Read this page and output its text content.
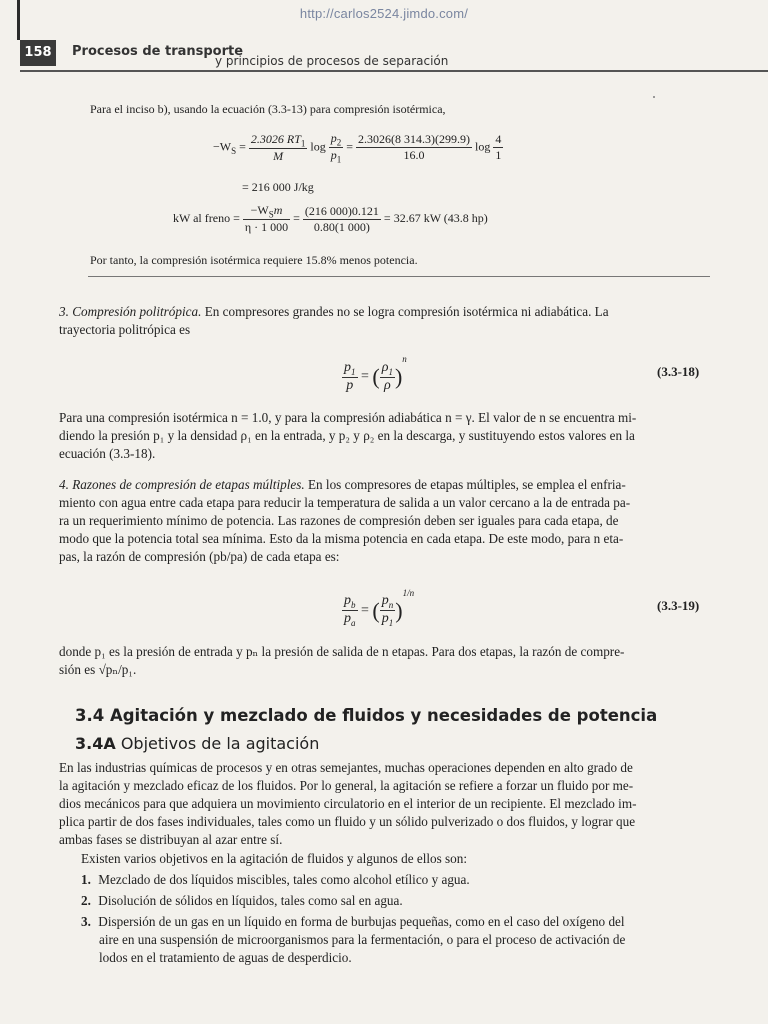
http://carlos2524.jimdo.com/
158	Procesos de transporte
y principios de procesos de separación
Para el inciso b), usando la ecuación (3.3-13) para compresión isotérmica,
$-W_S = \frac{2.3026 RT_1}{M}$ $\log \frac{p_2}{p_1} = \frac{2.3026(8 314.3)(299.9)}{16.0}$ $\log \frac{4}{1}$
= 216 000 J/kg
kW al freno = $\frac{-W_Sm}{\eta \cdot 1 000} = \frac{(216 000)0.121}{0.80(1 000)} = 32.67$ kW (43.8 hp)
Por tanto, la compresión isotérmica requiere 15.8% menos potencia.
3. Compresión politrópica. En compresores grandes no se logra compresión isotérmica ni adiabática. La
trayectoria politrópica es
$\frac{p_1}{p}$ = ( $\frac{\rho_1}{\rho} )^n$
(3.3-18)
Para una compresión isotérmica n = 1.0, y para la compresión adiabática n = γ. El valor de n se encuentra mi-
diendo la presión p₁ y la densidad ρ₁ en la entrada, y p₂ y ρ₂ en la descarga, y sustituyendo estos valores en la
ecuación (3.3-18).
4. Razones de compresión de etapas múltiples. En los compresores de etapas múltiples, se emplea el enfria-
miento con agua entre cada etapa para reducir la temperatura de salida a un valor cercano a la de entrada pa-
ra un requerimiento mínimo de potencia. Las razones de compresión deben ser iguales para cada etapa, de
modo que la potencia total sea mínima. Esto da la misma potencia en cada etapa. De este modo, para n eta-
pas, la razón de compresión (pb/pa) de cada etapa es:
$\frac{p_b}{p_a}$ = ( $\frac{p_n}{p_1} )^{1/n}$
(3.3-19)
donde p₁ es la presión de entrada y pₙ la presión de salida de n etapas. Para dos etapas, la razón de compre-
sión es √pₙ/p₁.
3.4 Agitación y mezclado de fluidos y necesidades de potencia
3.4A Objetivos de la agitación
En las industrias químicas de procesos y en otras semejantes, muchas operaciones dependen en alto grado de
la agitación y mezclado eficaz de los fluidos. Por lo general, la agitación se refiere a forzar un fluido por me-
dios mecánicos para que adquiera un movimiento circulatorio en el interior de un recipiente. El mezclado im-
plica partir de dos fases individuales, tales como un fluido y un sólido pulverizado o dos fluidos, y lograr que
ambas fases se distribuyan al azar entre sí.
Existen varios objetivos en la agitación de fluidos y algunos de ellos son:
1. Mezclado de dos líquidos miscibles, tales como alcohol etílico y agua.
2. Disolución de sólidos en líquidos, tales como sal en agua.
3. Dispersión de un gas en un líquido en forma de burbujas pequeñas, como en el caso del oxígeno del
aire en una suspensión de microorganismos para la fermentación, o para el proceso de activación de
lodos en el tratamiento de aguas de desperdicio.
